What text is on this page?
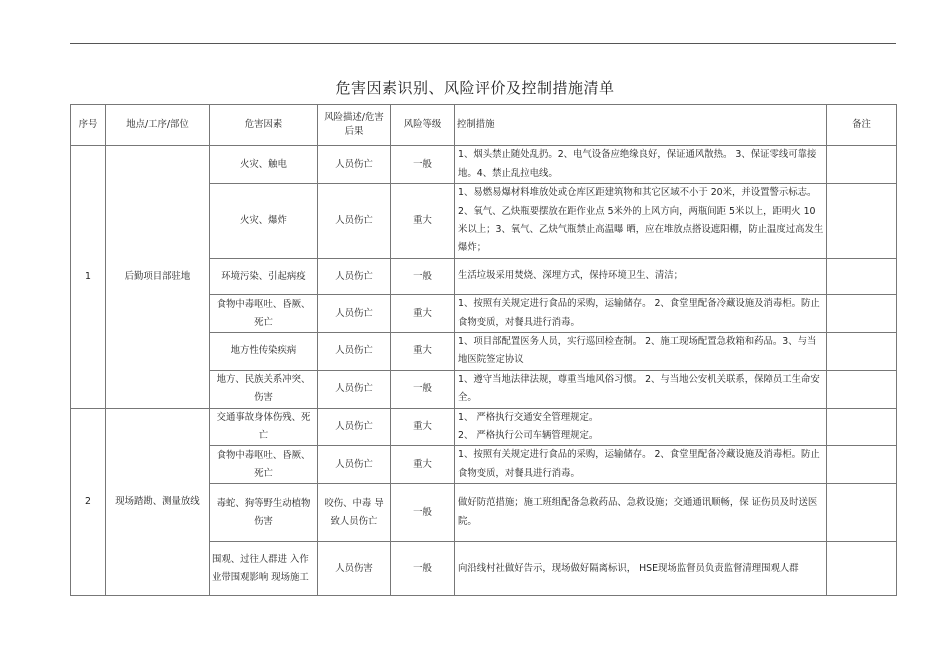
危害因素识别、风险评价及控制措施清单
序号	地点/工序/部位	危害因素	风险描述/危害后果	风险等级	控制措施	备注
1	后勤项目部驻地	火灾、触电	人员伤亡	一般	1、烟头禁止随处乱扔。2、电气设备应绝缘良好，保证通风散热。 3、保证零线可靠接地。4、禁止乱拉电线。	
		火灾、爆炸	人员伤亡	重大	1、易燃易爆材料堆放处或仓库区距建筑物和其它区域不小于 20米，并设置警示标志。2、氧气、乙炔瓶要摆放在距作业点 5米外的上风方向，两瓶间距 5米以上，距明火 10米以上；3、氧气、乙炔气瓶禁止高温曝 晒，应在堆放点搭设遮阳棚，防止温度过高发生爆炸；	
		环境污染、引起病疫	人员伤亡	一般	生活垃圾采用焚烧、深埋方式，保持环境卫生、清洁；	
		食物中毒呕吐、昏厥、死亡	人员伤亡	重大	1、按照有关规定进行食品的采购，运输储存。 2、食堂里配备冷藏设施及消毒柜。防止食物变质，对餐具进行消毒。	
		地方性传染疾病	人员伤亡	重大	1、项目部配置医务人员，实行巡回检查制。 2、施工现场配置急救箱和药品。3、与当地医院签定协议	
		地方、民族关系冲突、伤害	人员伤亡	一般	1、遵守当地法律法规，尊重当地风俗习惯。 2、与当地公安机关联系，保障员工生命安全。	
2	现场踏勘、测量放线	交通事故身体伤残、死亡	人员伤亡	重大	1、 严格执行交通安全管理规定。
2、 严格执行公司车辆管理规定。	
		食物中毒呕吐、昏厥、死亡	人员伤亡	重大	1、按照有关规定进行食品的采购，运输储存。 2、食堂里配备冷藏设施及消毒柜。防止食物变质，对餐具进行消毒。	
		毒蛇、狗等野生动植物伤害	咬伤、中毒 导致人员伤亡	一般	做好防范措施；施工班组配备急救药品、急救设施；交通通讯顺畅，保 证伤员及时送医院。	
		围观、过往人群进 入作业带围观影响 现场施工	人员伤害	一般	向沿线村社做好告示，现场做好隔离标识， HSE现场监督员负责监督清理围观人群	
